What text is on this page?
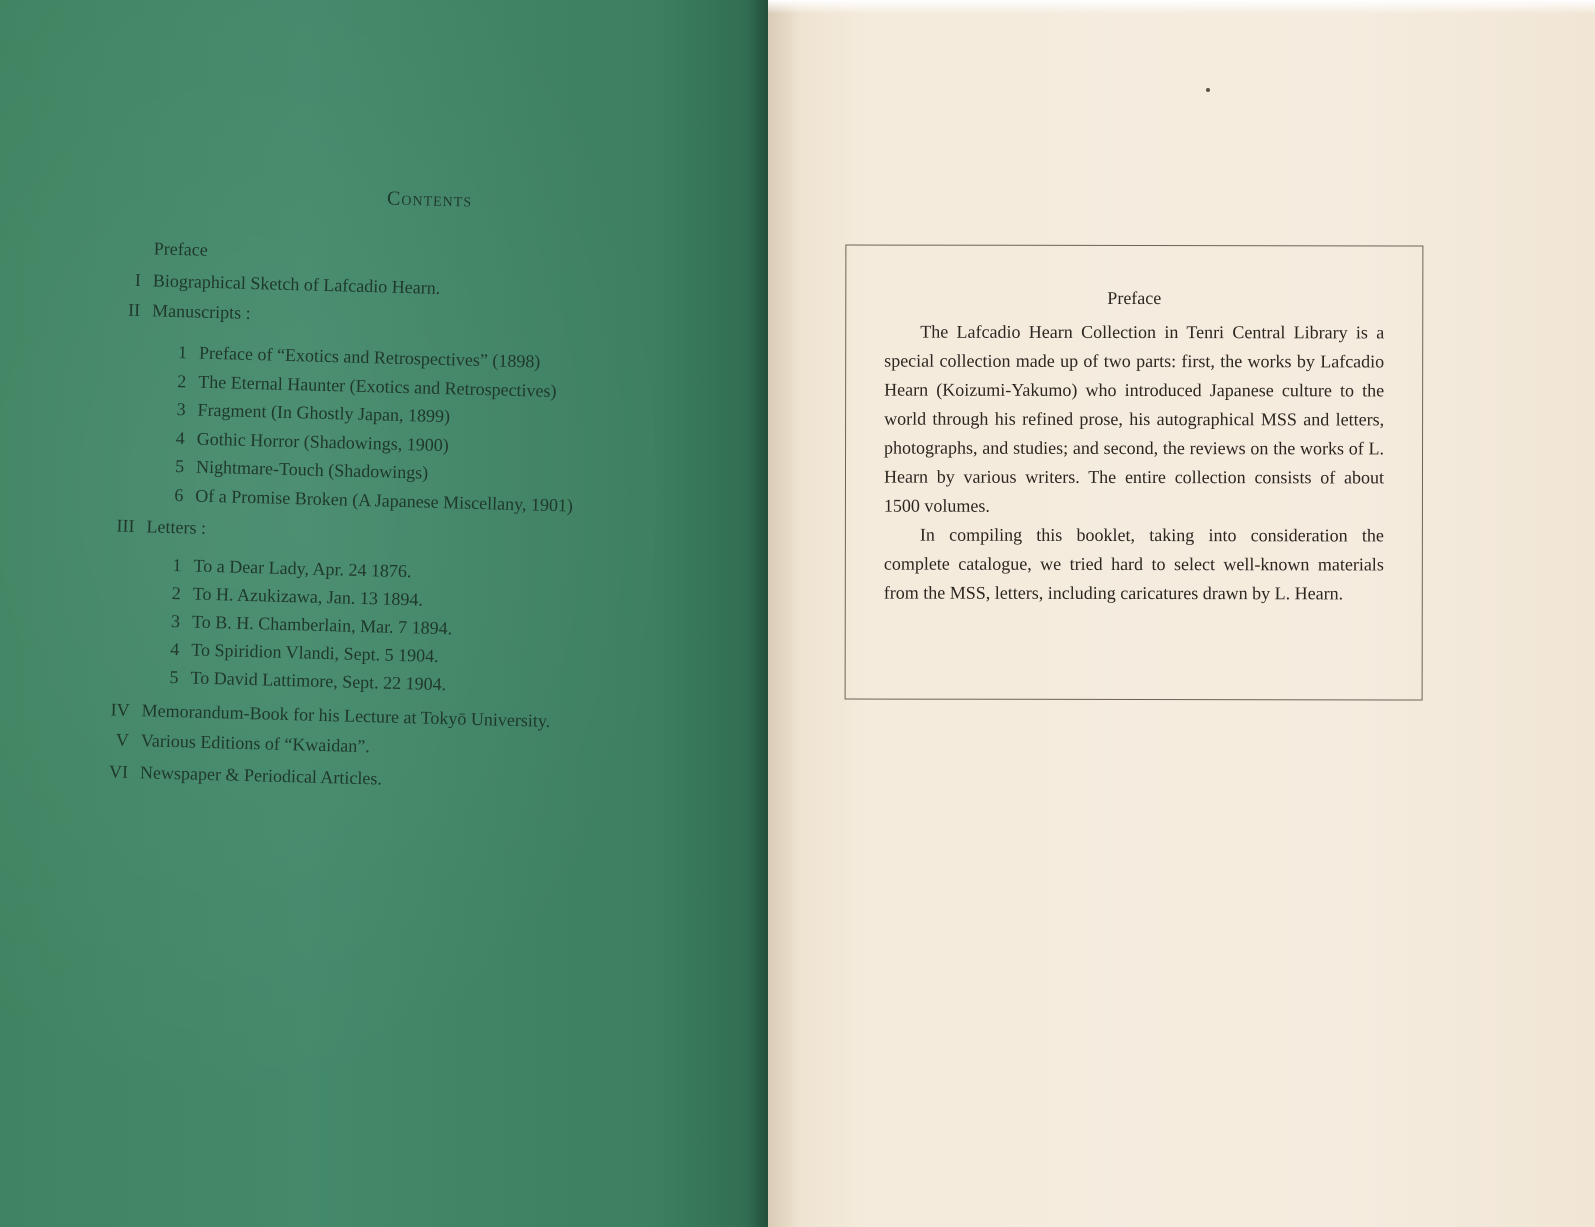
Contents
Preface
I Biographical Sketch of Lafcadio Hearn.
II Manuscripts :
1 Preface of “Exotics and Retrospectives” (1898)
2 The Eternal Haunter (Exotics and Retrospectives)
3 Fragment (In Ghostly Japan, 1899)
4 Gothic Horror (Shadowings, 1900)
5 Nightmare-Touch (Shadowings)
6 Of a Promise Broken (A Japanese Miscellany, 1901)
III Letters :
1 To a Dear Lady, Apr. 24 1876.
2 To H. Azukizawa, Jan. 13 1894.
3 To B. H. Chamberlain, Mar. 7 1894.
4 To Spiridion Vlandi, Sept. 5 1904.
5 To David Lattimore, Sept. 22 1904.
IV Memorandum-Book for his Lecture at Tokyō University.
V Various Editions of “Kwaidan”.
VI Newspaper & Periodical Articles.
Preface

The Lafcadio Hearn Collection in Tenri Central Library is a special collection made up of two parts: first, the works by Lafcadio Hearn (Koizumi-Yakumo) who introduced Japanese culture to the world through his refined prose, his autographical MSS and letters, photographs, and studies; and second, the reviews on the works of L. Hearn by various writers. The entire collection consists of about 1500 volumes.

In compiling this booklet, taking into consideration the complete catalogue, we tried hard to select well-known materials from the MSS, letters, including caricatures drawn by L. Hearn.
